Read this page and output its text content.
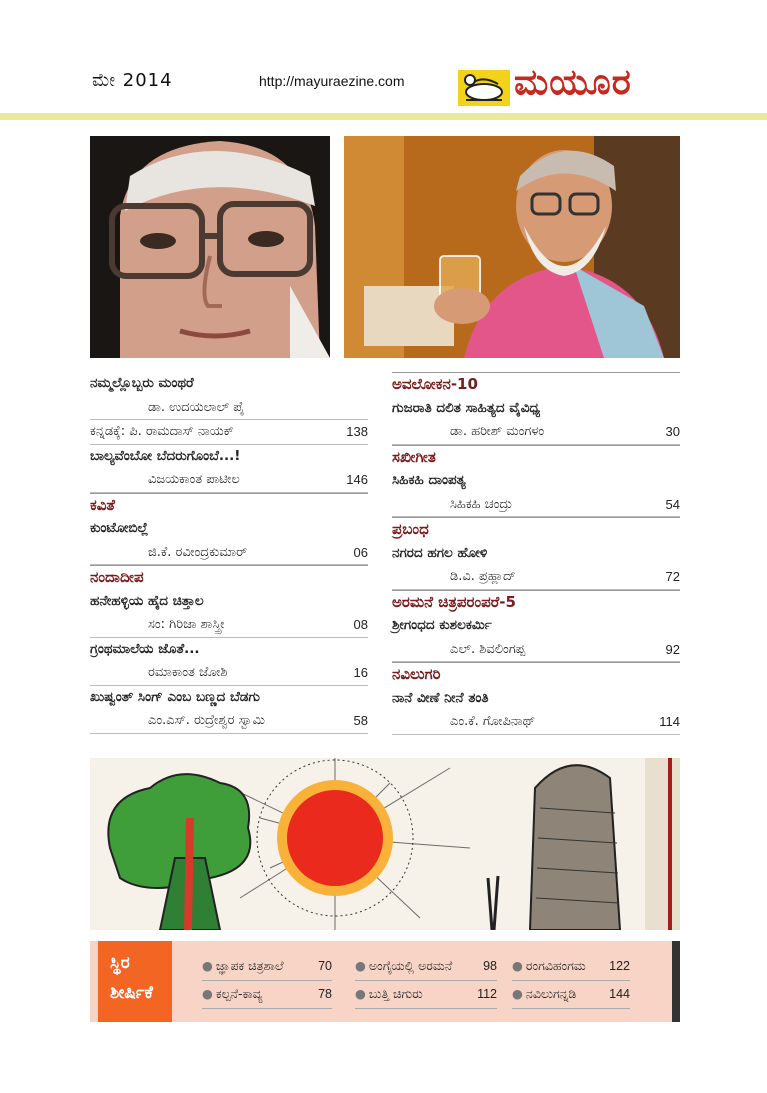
ಮೇ 2014	http://mayuraezine.com	ಮಯೂರ
ನಮ್ಮಲ್ಲೊಬ್ಬರು ಮಂಥರೆ
ಡಾ. ಉದಯಲಾಲ್ ಪೈ
ಕನ್ನಡಕ್ಕೆ: ಪಿ. ರಾಮದಾಸ್ ನಾಯಕ್	138
ಬಾಲ್ಯವೆಂಬೋ ಬೆದರುಗೊಂಬೆ...!
ವಿಜಯಕಾಂತ ಪಾಟೀಲ	146
ಕವಿತೆ
ಕುಂಟೋಬಿಲ್ಲೆ
ಜಿ.ಕೆ. ರವೀಂದ್ರಕುಮಾರ್	06
ನಂದಾದೀಪ
ಹನೇಹಳ್ಳಿಯ ಹೈದ ಚಿತ್ತಾಲ
ಸಂ: ಗಿರಿಜಾ ಶಾಸ್ತ್ರೀ	08
ಗ್ರಂಥಮಾಲೆಯ ಜೊತೆ...
ರಮಾಕಾಂತ ಜೋಶಿ	16
ಖುಷ್ವಂತ್ ಸಿಂಗ್ ಎಂಬ ಬಣ್ಣದ ಬೆಡಗು
ಎಂ.ಎಸ್. ರುದ್ರೇಶ್ವರ ಸ್ವಾಮಿ	58
ಅವಲೋಕನ-10
ಗುಜರಾತಿ ದಲಿತ ಸಾಹಿತ್ಯದ ವೈವಿಧ್ಯ
ಡಾ. ಹರೀಶ್ ಮಂಗಳಂ	30
ಸಖೀಗೀತ
ಸಿಹಿಕಹಿ ದಾಂಪತ್ಯ
ಸಿಹಿಕಹಿ ಚಂದ್ರು	54
ಪ್ರಬಂಧ
ನಗರದ ಹಗಲ ಹೋಳಿ
ಡಿ.ವಿ. ಪ್ರಹ್ಲಾದ್	72
ಅರಮನೆ ಚಿತ್ರಪರಂಪರೆ-5
ಶ್ರೀಗಂಧದ ಕುಶಲಕರ್ಮಿ
ಎಲ್. ಶಿವಲಿಂಗಪ್ಪ	92
ನವಿಲುಗರಿ
ನಾನೆ ವೀಣೆ ನೀನೆ ತಂತಿ
ಎಂ.ಕೆ. ಗೋಪಿನಾಥ್	114
ಸ್ಥಿರ
ಶೀರ್ಷಿಕೆ
● ಜ್ಞಾಪಕ ಚಿತ್ರಶಾಲೆ	70 ● ಅಂಗೈಯಲ್ಲಿ ಅರಮನೆ 98 ● ರಂಗವಿಹಂಗಮ 122
● ಕಲ್ಪನೆ-ಕಾವ್ಯ	78 ● ಬುತ್ತಿ ಚಿಗುರು	112 ● ನವಿಲುಗನ್ನಡಿ	144
